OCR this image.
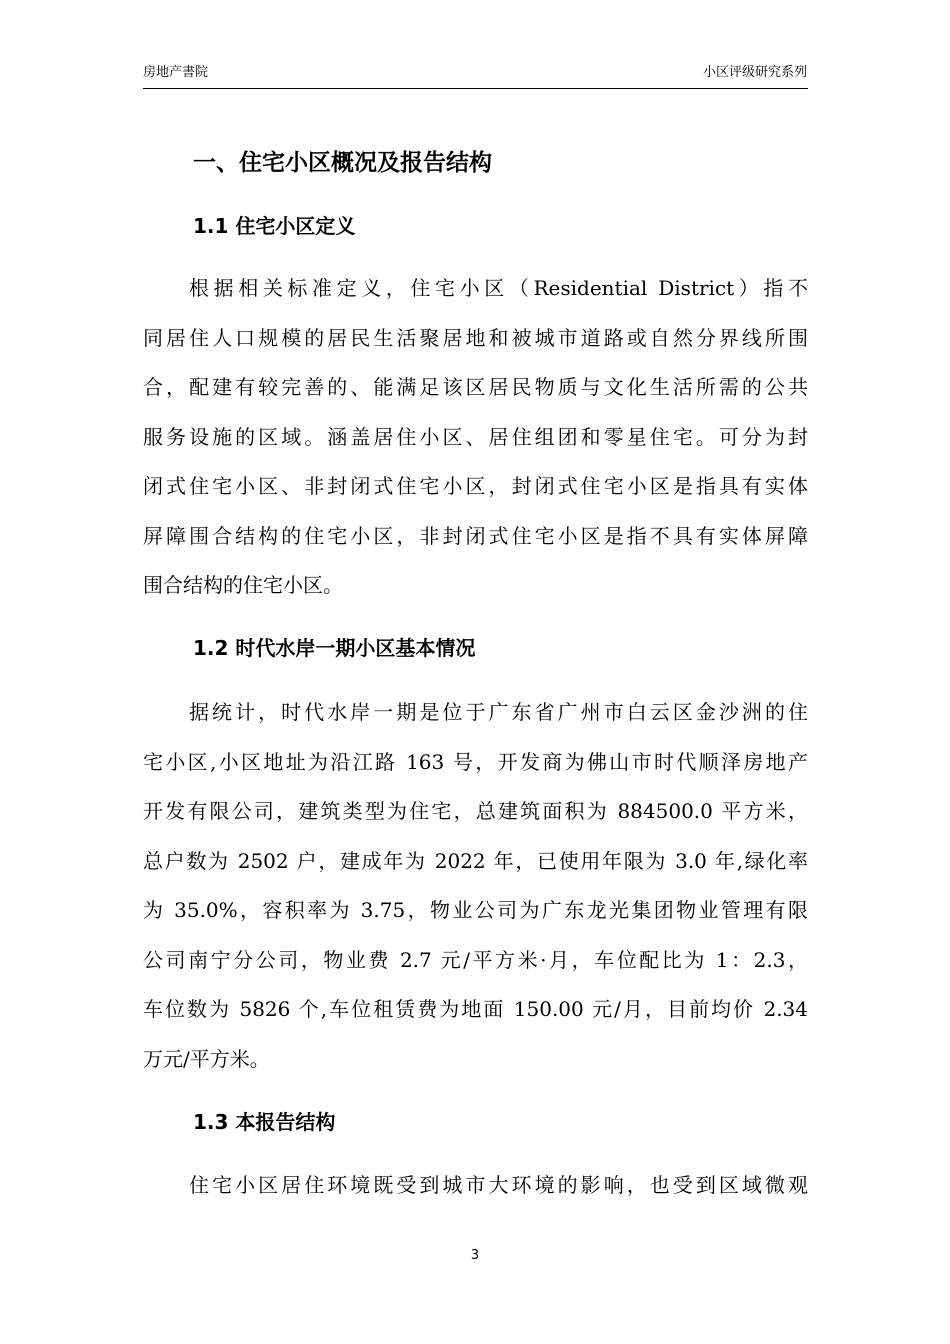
房地产書院	小区评级研究系列
一、住宅小区概况及报告结构
1.1 住宅小区定义
根据相关标准定义，住宅小区（Residential District）指不
同居住人口规模的居民生活聚居地和被城市道路或自然分界线所围
合，配建有较完善的、能满足该区居民物质与文化生活所需的公共
服务设施的区域。涵盖居住小区、居住组团和零星住宅。可分为封
闭式住宅小区、非封闭式住宅小区，封闭式住宅小区是指具有实体
屏障围合结构的住宅小区，非封闭式住宅小区是指不具有实体屏障
围合结构的住宅小区。
1.2 时代水岸一期小区基本情况
据统计，时代水岸一期是位于广东省广州市白云区金沙洲的住
宅小区,小区地址为沿江路 163 号，开发商为佛山市时代顺泽房地产
开发有限公司，建筑类型为住宅，总建筑面积为 884500.0 平方米，
总户数为 2502 户，建成年为 2022 年，已使用年限为 3.0 年,绿化率
为 35.0%，容积率为 3.75，物业公司为广东龙光集团物业管理有限
公司南宁分公司，物业费 2.7 元/平方米·月，车位配比为 1：2.3，
车位数为 5826 个,车位租赁费为地面 150.00 元/月，目前均价 2.34
万元/平方米。
1.3 本报告结构
住宅小区居住环境既受到城市大环境的影响，也受到区域微观
3
